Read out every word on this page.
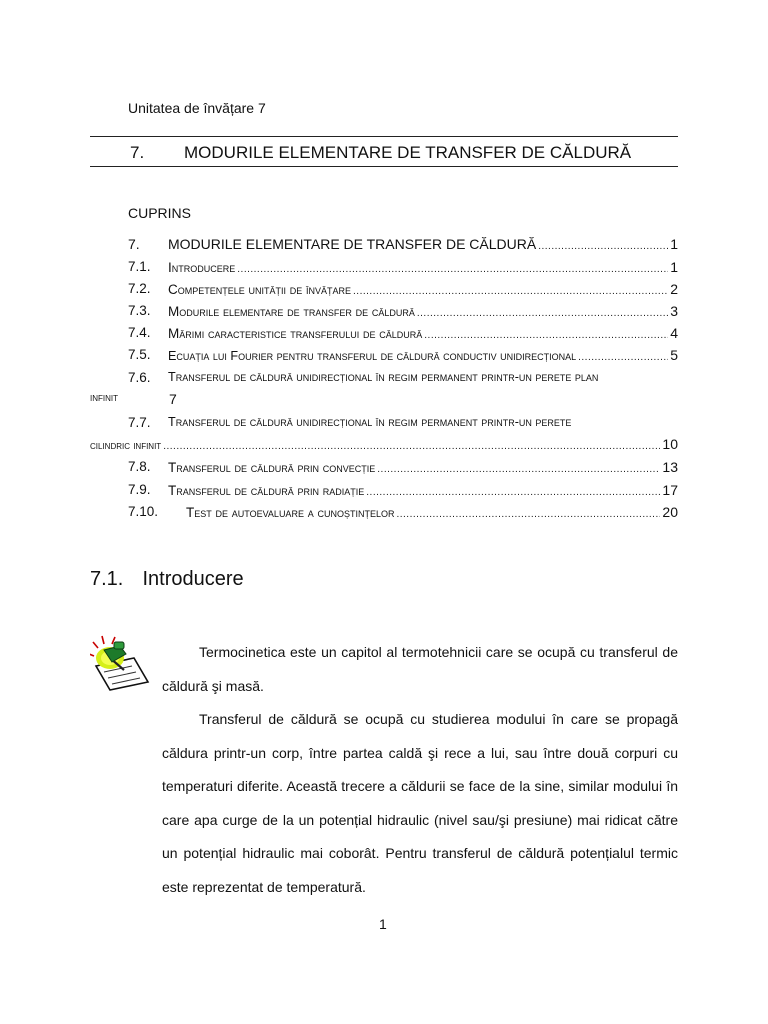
Unitatea de învățare 7
7. MODURILE ELEMENTARE DE TRANSFER DE CĂLDURĂ
CUPRINS
7. MODURILE ELEMENTARE DE TRANSFER DE CĂLDURĂ .....	1
7.1. Introducere .....	1
7.2. Competențele unității de învățare .....	2
7.3. Modurile elementare de transfer de căldură .....	3
7.4. Mărimi caracteristice transferului de căldură .....	4
7.5. Ecuația lui Fourier pentru transferul de căldură conductiv unidirecțional .....	5
7.6. Transferul de căldură unidirecțional în regim permanent printr-un perete plan
infinit	7
7.7. Transferul de căldură unidirecțional în regim permanent printr-un perete
cilindric infinit .....	10
7.8. Transferul de căldură prin convecție .....	13
7.9. Transferul de căldură prin radiație .....	17
7.10. Test de autoevaluare a cunoștințelor .....	20
7.1. Introducere
Termocinetica este un capitol al termotehnicii care se ocupă cu transferul de căldură şi masă.
Transferul de căldură se ocupă cu studierea modului în care se propagă căldura printr-un corp, între partea caldă şi rece a lui, sau între două corpuri cu temperaturi diferite. Această trecere a căldurii se face de la sine, similar modului în care apa curge de la un potențial hidraulic (nivel sau/şi presiune) mai ridicat către un potențial hidraulic mai coborât. Pentru transferul de căldură potențialul termic este reprezentat de temperatură.
1
